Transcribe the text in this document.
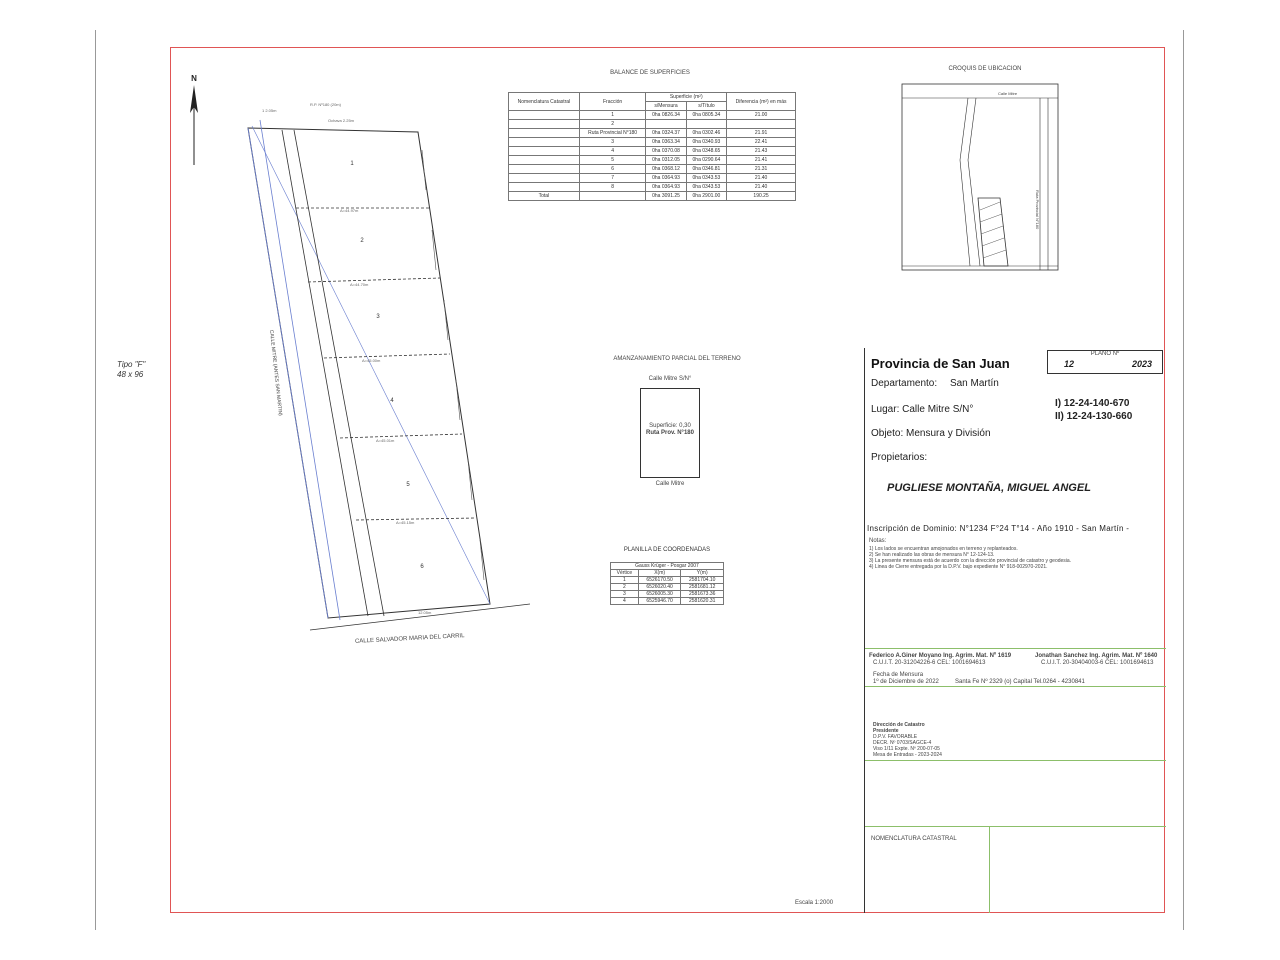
Tipo "F"
48 x 96
N
1
2
3
4
5
6
1 2.05m
R.P. Nº180 (20m)
Ochava 2.25m
A=44.97m
A=44.70m
A=45.00m
A=45.01m
A=45.15m
12.05m
CALLE MITRE (ANTES SAN MARTIN)
CALLE SALVADOR MARIA DEL CARRIL
BALANCE DE SUPERFICIES
Nomenclatura Catastral	Fracción	Superficie (m²)		Diferencia (m²) en más
		s/Mensura	s/Título	
	1	0ha 0826.34	0ha 0805.34	21.00
	2			
	Ruta Provincial N°180	0ha 0324.37	0ha 0302.46	21.91
	3	0ha 0363.34	0ha 0340.93	22.41
	4	0ha 0370.08	0ha 0348.65	21.43
	5	0ha 0312.05	0ha 0290.64	21.41
	6	0ha 0368.12	0ha 0346.81	21.31
	7	0ha 0364.93	0ha 0343.53	21.40
	8	0ha 0364.93	0ha 0343.53	21.40
Total		0ha 3091.25	0ha 2901.00	190.25
CROQUIS DE UBICACION
Calle Mitre
Ruta Provincial N°180
AMANZANAMIENTO PARCIAL DEL TERRENO
Calle Mitre S/N°
Superficie: 0,30
Ruta Prov. N°180
Calle Mitre
PLANILLA DE COORDENADAS
Gauss Krüger - Posgar 2007		
Vértice	X(m)	Y(m)
1	6526170.50	2581704.10
2	6526020.40	2581681.12
3	6526005.30	2581673.36
4	6525946.70	2581620.31
Escala 1:2000
Provincia de San Juan
PLANO Nº
12	2023
Departamento: San Martín
Lugar: Calle Mitre S/N°
Objeto: Mensura y División
Propietarios:
I) 12-24-140-670
II) 12-24-130-660
PUGLIESE MONTAÑA, MIGUEL ANGEL
Inscripción de Dominio: N°1234 F°24 T°14 - Año 1910 - San Martín -
Notas:
1) Los lados se encuentran amojonados en terreno y replanteados.
2) Se han realizado las obras de mensura N° 12-124-13.
3) La presente mensura está de acuerdo con la dirección provincial de catastro y geodesia.
4) Linea de Cierre entregada por la D.P.V. bajo expediente N° 918-002970-2021.
Federico A.Giner Moyano Ing. Agrim. Mat. Nº 1619
C.U.I.T. 20-31204226-6 CEL: 1001694613
Jonathan Sanchez Ing. Agrim. Mat. Nº 1640
C.U.I.T. 20-30404003-6 CEL: 1001694613
Fecha de Mensura
1º de Diciembre de 2022	Santa Fe Nº 2329 (o) Capital Tel.0264 - 4230841
Dirección de Catastro
Presidente
D.P.V. FAVORABLE
DECR. Nº 0703/SAGCE-4
Viso 1/11 Expte. Nº 200-07-05
Mesa de Entradas - 2023-2024
NOMENCLATURA CATASTRAL
